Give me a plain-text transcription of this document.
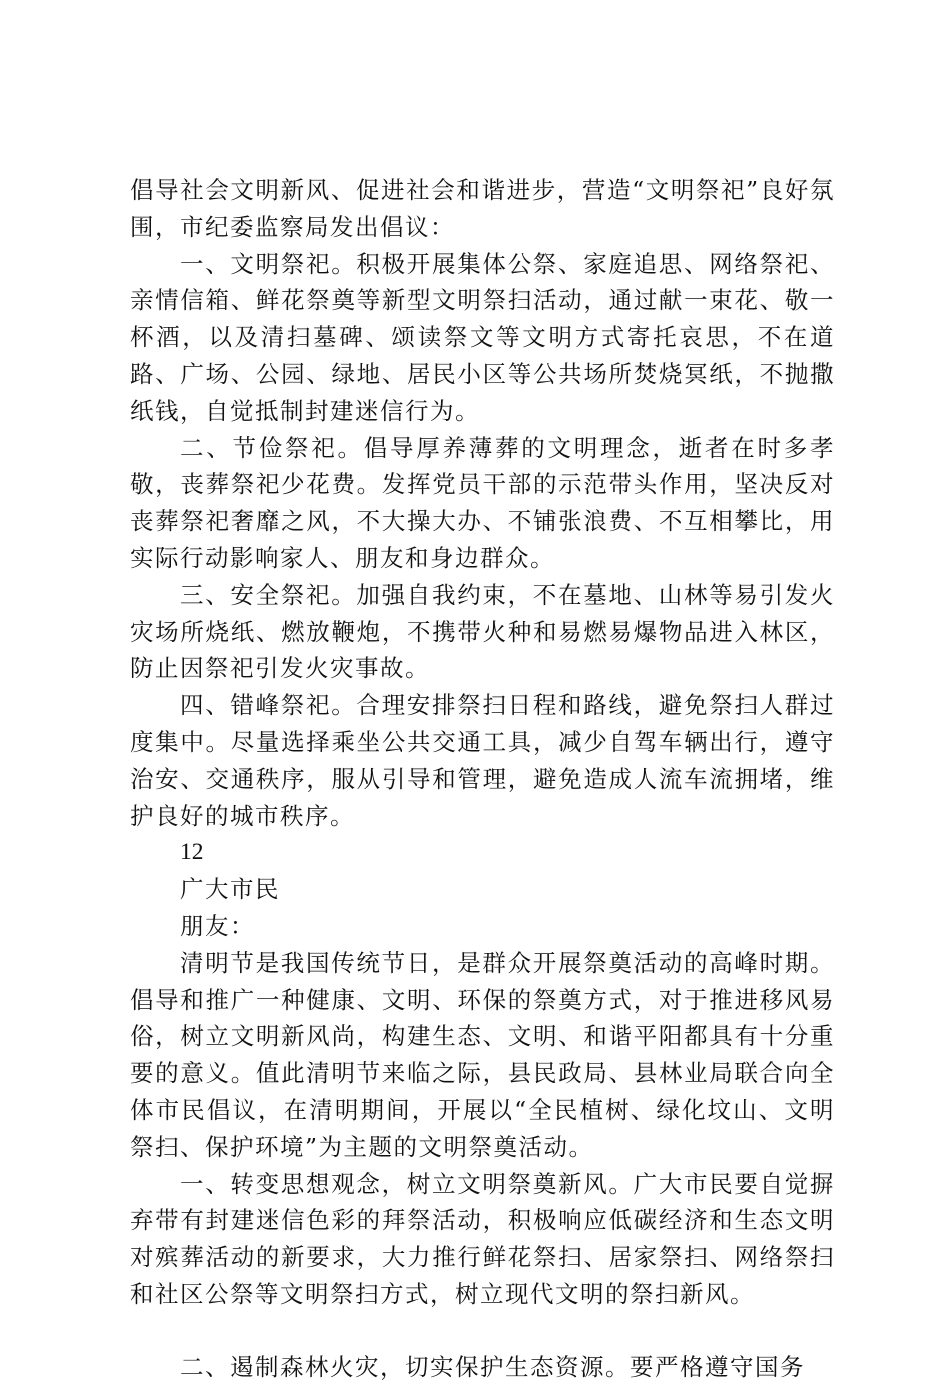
倡导社会文明新风、促进社会和谐进步，营造“文明祭祀”良好氛围，市纪委监察局发出倡议：

一、文明祭祀。积极开展集体公祭、家庭追思、网络祭祀、亲情信箱、鲜花祭奠等新型文明祭扫活动，通过献一束花、敬一杯酒，以及清扫墓碑、颂读祭文等文明方式寄托哀思，不在道路、广场、公园、绿地、居民小区等公共场所焚烧冥纸，不抛撒纸钱，自觉抵制封建迷信行为。

二、节俭祭祀。倡导厚养薄葬的文明理念，逝者在时多孝敬，丧葬祭祀少花费。发挥党员干部的示范带头作用，坚决反对丧葬祭祀奢靡之风，不大操大办、不铺张浪费、不互相攀比，用实际行动影响家人、朋友和身边群众。

三、安全祭祀。加强自我约束，不在墓地、山林等易引发火灾场所烧纸、燃放鞭炮，不携带火种和易燃易爆物品进入林区，防止因祭祀引发火灾事故。

四、错峰祭祀。合理安排祭扫日程和路线，避免祭扫人群过度集中。尽量选择乘坐公共交通工具，减少自驾车辆出行，遵守治安、交通秩序，服从引导和管理，避免造成人流车流拥堵，维护良好的城市秩序。

12

广大市民

朋友：

清明节是我国传统节日，是群众开展祭奠活动的高峰时期。倡导和推广一种健康、文明、环保的祭奠方式，对于推进移风易俗，树立文明新风尚，构建生态、文明、和谐平阳都具有十分重要的意义。值此清明节来临之际，县民政局、县林业局联合向全体市民倡议，在清明期间，开展以“全民植树、绿化坟山、文明祭扫、保护环境”为主题的文明祭奠活动。

一、转变思想观念，树立文明祭奠新风。广大市民要自觉摒弃带有封建迷信色彩的拜祭活动，积极响应低碳经济和生态文明对殡葬活动的新要求，大力推行鲜花祭扫、居家祭扫、网络祭扫和社区公祭等文明祭扫方式，树立现代文明的祭扫新风。

二、遏制森林火灾，切实保护生态资源。要严格遵守国务
